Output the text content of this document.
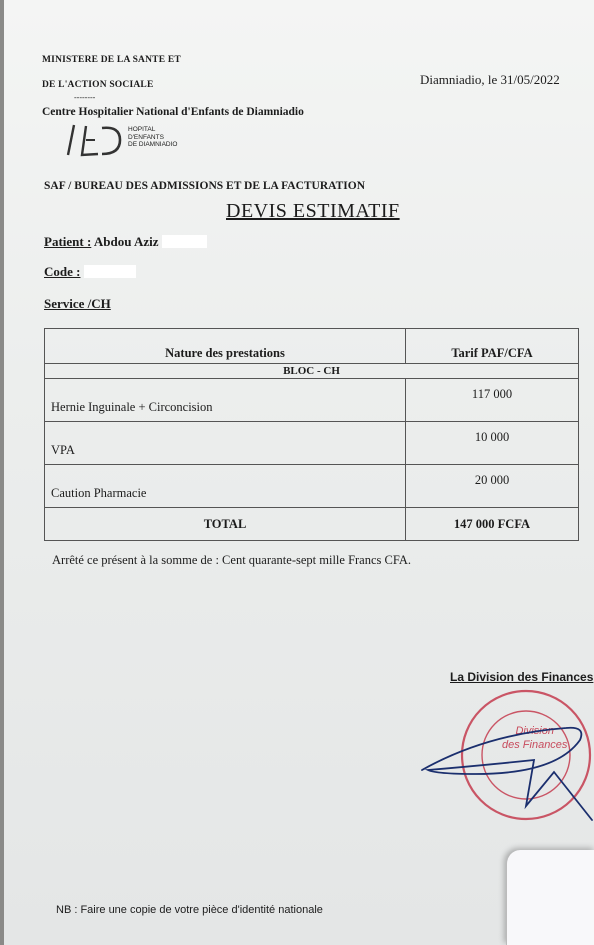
MINISTERE DE LA SANTE ET
DE L'ACTION SOCIALE
--------
Diamniadio, le 31/05/2022
Centre Hospitalier National d'Enfants de Diamniadio
HOPITAL
D'ENFANTS
DE DIAMNIADIO
SAF / BUREAU DES ADMISSIONS ET DE LA FACTURATION
DEVIS ESTIMATIF
Patient : Abdou Aziz
Code :
Service /CH
Nature des prestations	Tarif PAF/CFA
BLOC - CH	
Hernie Inguinale + Circoncision	117 000
VPA	10 000
Caution Pharmacie	20 000
TOTAL	147 000 FCFA
Arrêté ce présent à la somme de : Cent quarante-sept mille Francs CFA.
La Division des Finances
Division
des Finances
NB : Faire une copie de votre pièce d'identité nationale
